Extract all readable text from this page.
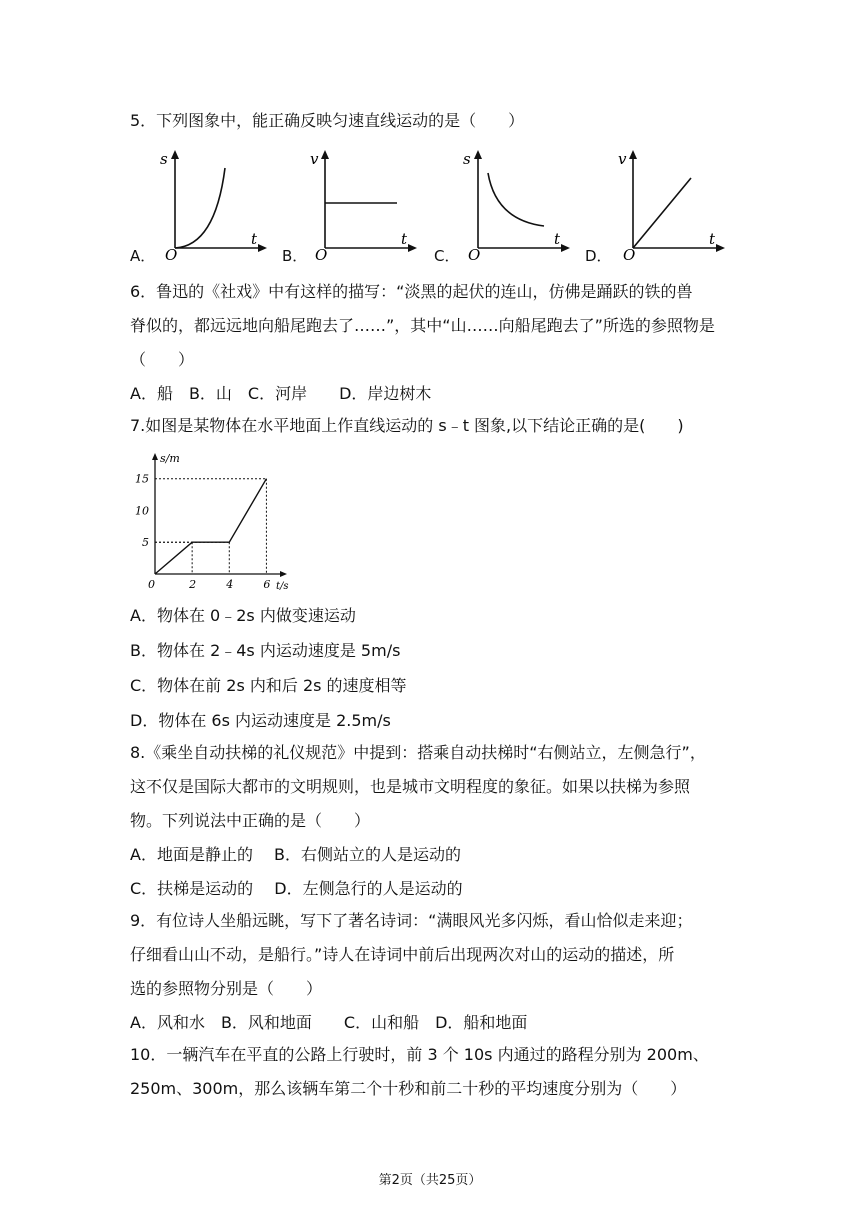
5．下列图象中，能正确反映匀速直线运动的是（　　）
s
t
O
A．
v
t
O
B．
s
t
O
C．
v
t
O
D．
6．鲁迅的《社戏》中有这样的描写：“淡黑的起伏的连山，仿佛是踊跃的铁的兽
脊似的，都远远地向船尾跑去了……”，其中“山……向船尾跑去了”所选的参照物是
（　　）
A．船　B．山　C．河岸　　D．岸边树木
7.如图是某物体在水平地面上作直线运动的 s﹣t 图象,以下结论正确的是(　　)
s/m
t/s
0	2	4	6
5
10
15
A．物体在 0﹣2s 内做变速运动
B．物体在 2﹣4s 内运动速度是 5m/s
C．物体在前 2s 内和后 2s 的速度相等
D．物体在 6s 内运动速度是 2.5m/s
8.《乘坐自动扶梯的礼仪规范》中提到：搭乘自动扶梯时“右侧站立，左侧急行”，
这不仅是国际大都市的文明规则，也是城市文明程度的象征。如果以扶梯为参照
物。下列说法中正确的是（　　）
A．地面是静止的　 B．右侧站立的人是运动的
C．扶梯是运动的　 D．左侧急行的人是运动的
9．有位诗人坐船远眺，写下了著名诗词：“满眼风光多闪烁，看山恰似走来迎；
仔细看山山不动，是船行。”诗人在诗词中前后出现两次对山的运动的描述，所
选的参照物分别是（　　）
A．风和水　B．风和地面　　C．山和船　D．船和地面
10．一辆汽车在平直的公路上行驶时，前 3 个 10s 内通过的路程分别为 200m、
250m、300m，那么该辆车第二个十秒和前二十秒的平均速度分别为（　　）
第2页（共25页）
